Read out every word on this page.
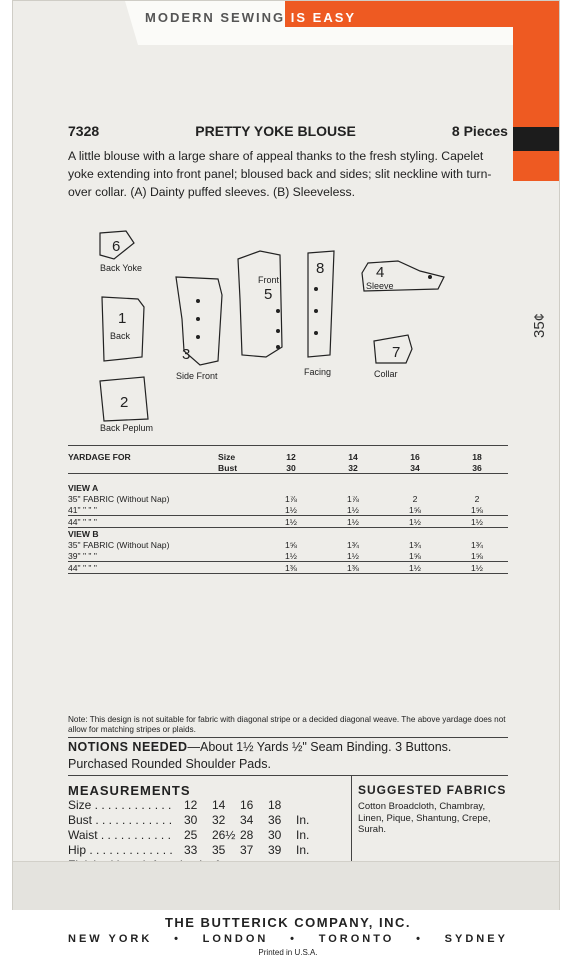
MODERN SEWING IS EASY
35¢
7328	PRETTY YOKE BLOUSE	8 Pieces
A little blouse with a large share of appeal thanks to the fresh styling. Capelet yoke extending into front panel; bloused back and sides; slit neckline with turn-over collar. (A) Dainty puffed sleeves. (B) Sleeveless.
6
Back Yoke
1
Back
2
Back Peplum
3
Side Front
5
Front
8
Facing
4
Sleeve
7
Collar
YARDAGE FOR	Size	12	14	16	18
	Bust	30	32	34	36

VIEW A					
35" FABRIC (Without Nap)		1⅞	1⅞	2	2
41" " " "		1½	1½	1⅝	1⅝
44" " " "		1½	1½	1½	1½
VIEW B					
35" FABRIC (Without Nap)		1⅝	1¾	1¾	1¾
39" " " "		1½	1½	1⅝	1⅝
44" " " "		1⅜	1⅜	1½	1½
Note: This design is not suitable for fabric with diagonal stripe or a decided diagonal weave. The above yardage does not allow for matching stripes or plaids.
NOTIONS NEEDED—About 1½ Yards ½" Seam Binding. 3 Buttons. Purchased Rounded Shoulder Pads.
MEASUREMENTS
Size . . . . . . . . . . . .	12	14	16	18
Bust . . . . . . . . . . . . 30	32	34	36	In.
Waist . . . . . . . . . . .	25	26½ 28	30	In.
Hip . . . . . . . . . . . . . 33	35	37	39	In.
SUGGESTED FABRICS

Cotton Broadcloth, Chambray, Linen, Pique, Shantung, Crepe, Surah.

THE BUTTERICK COMPANY, INC.
NEW YORK • LONDON • TORONTO • SYDNEY
Printed in U.S.A.
